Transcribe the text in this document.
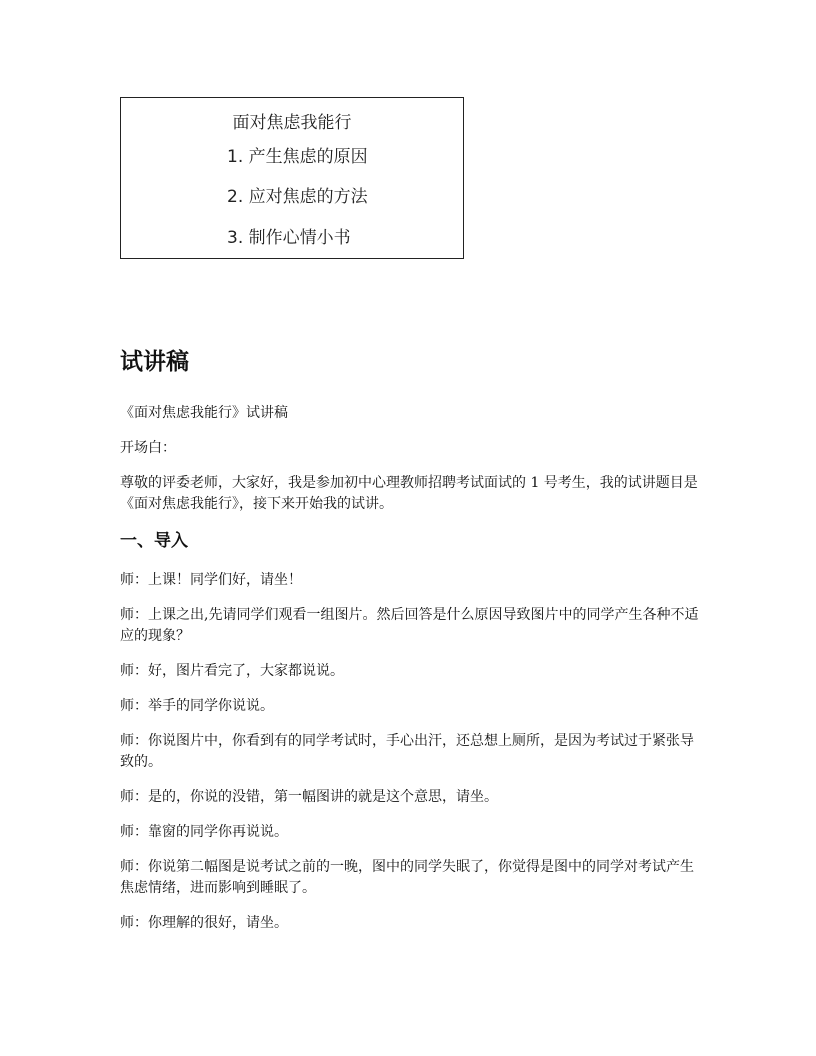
面对焦虑我能行
1. 产生焦虑的原因
2. 应对焦虑的方法
3. 制作心情小书
试讲稿
《面对焦虑我能行》试讲稿
开场白：
尊敬的评委老师，大家好，我是参加初中心理教师招聘考试面试的 1 号考生，我的试讲题目是《面对焦虑我能行》，接下来开始我的试讲。
一、导入
师：上课！同学们好，请坐！
师：上课之出,先请同学们观看一组图片。然后回答是什么原因导致图片中的同学产生各种不适应的现象？
师：好，图片看完了，大家都说说。
师：举手的同学你说说。
师：你说图片中，你看到有的同学考试时，手心出汗，还总想上厕所，是因为考试过于紧张导致的。
师：是的，你说的没错，第一幅图讲的就是这个意思，请坐。
师：靠窗的同学你再说说。
师：你说第二幅图是说考试之前的一晚，图中的同学失眠了，你觉得是图中的同学对考试产生焦虑情绪，进而影响到睡眠了。
师：你理解的很好，请坐。
